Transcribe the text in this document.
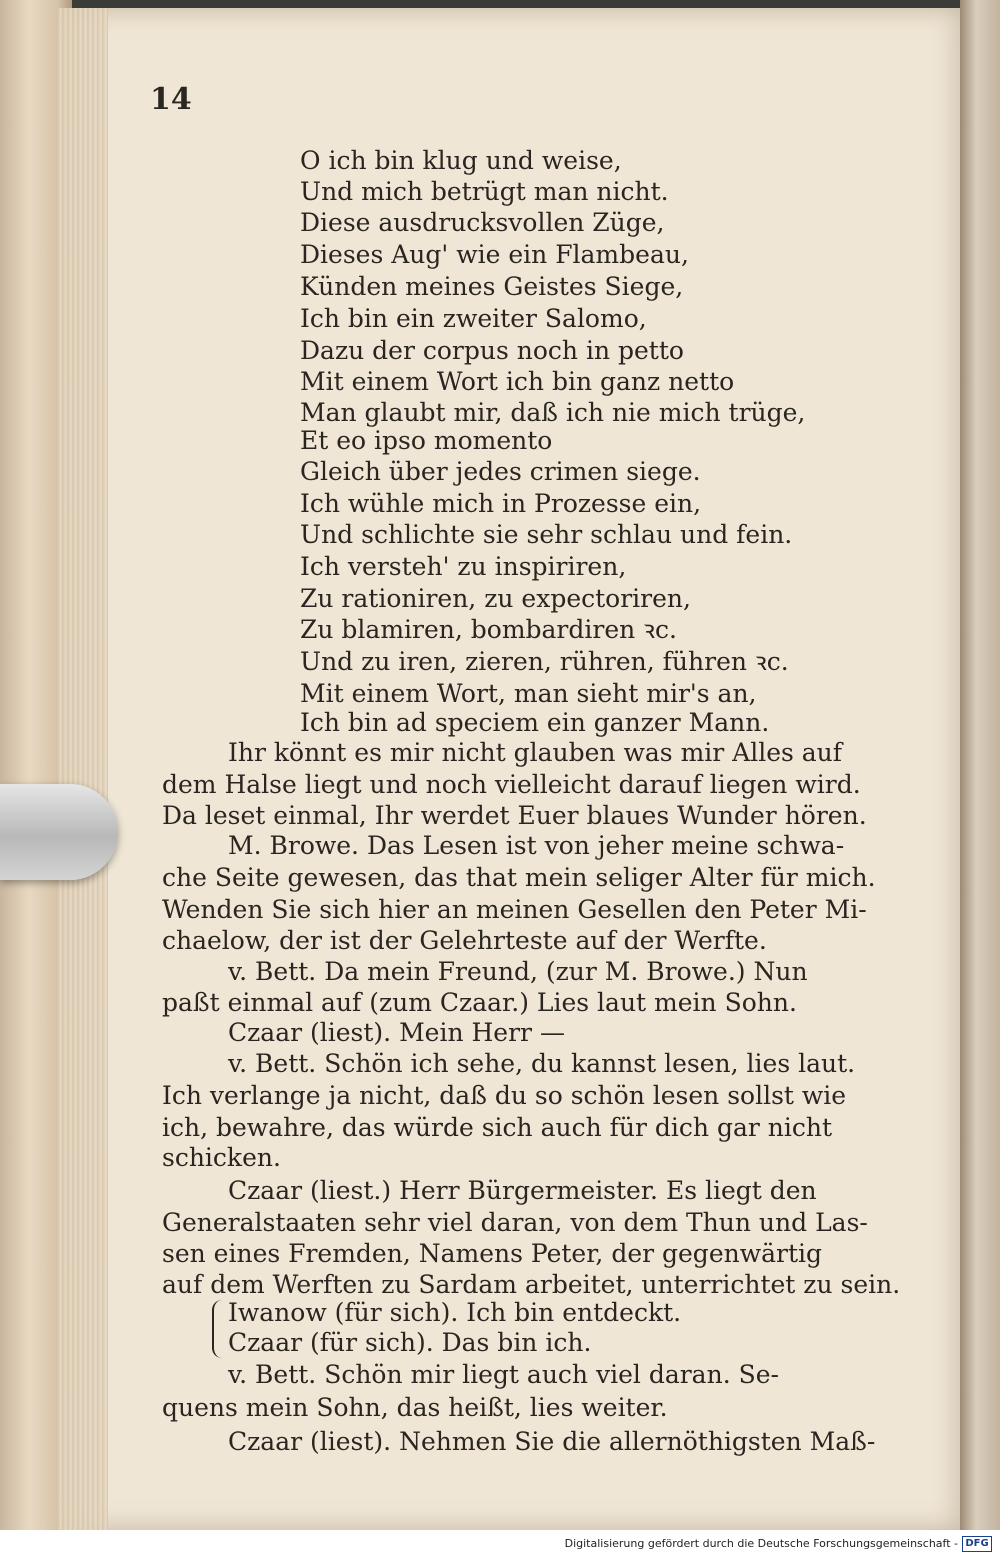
14

O ich bin klug und weise,

Und mich betrügt man nicht.

Diese ausdrucksvollen Züge,

Dieses Aug' wie ein Flambeau,

Künden meines Geistes Siege,

Ich bin ein zweiter Salomo,

Dazu der corpus noch in petto

Mit einem Wort ich bin ganz netto

Man glaubt mir, daß ich nie mich trüge,

Et eo ipso momento

Gleich über jedes crimen siege.

Ich wühle mich in Prozesse ein,

Und schlichte sie sehr schlau und fein.

Ich versteh' zu inspiriren,

Zu rationiren, zu expectoriren,

Zu blamiren, bombardiren ꝛc.

Und zu iren, zieren, rühren, führen ꝛc.

Mit einem Wort, man sieht mir's an,

Ich bin ad speciem ein ganzer Mann.

Ihr könnt es mir nicht glauben was mir Alles auf

dem Halse liegt und noch vielleicht darauf liegen wird.

Da leset einmal, Ihr werdet Euer blaues Wunder hören.

M. Browe. Das Lesen ist von jeher meine schwa-

che Seite gewesen, das that mein seliger Alter für mich.

Wenden Sie sich hier an meinen Gesellen den Peter Mi-

chaelow, der ist der Gelehrteste auf der Werfte.

v. Bett. Da mein Freund, (zur M. Browe.) Nun

paßt einmal auf (zum Czaar.) Lies laut mein Sohn.

Czaar (liest). Mein Herr —

v. Bett. Schön ich sehe, du kannst lesen, lies laut.

Ich verlange ja nicht, daß du so schön lesen sollst wie

ich, bewahre, das würde sich auch für dich gar nicht

schicken.

Czaar (liest.) Herr Bürgermeister. Es liegt den

Generalstaaten sehr viel daran, von dem Thun und Las-

sen eines Fremden, Namens Peter, der gegenwärtig

auf dem Werften zu Sardam arbeitet, unterrichtet zu sein.

Iwanow (für sich). Ich bin entdeckt.

Czaar (für sich). Das bin ich.

v. Bett. Schön mir liegt auch viel daran. Se-

quens mein Sohn, das heißt, lies weiter.

Czaar (liest). Nehmen Sie die allernöthigsten Maß-

Digitalisierung gefördert durch die Deutsche Forschungsgemeinschaft - DFG
